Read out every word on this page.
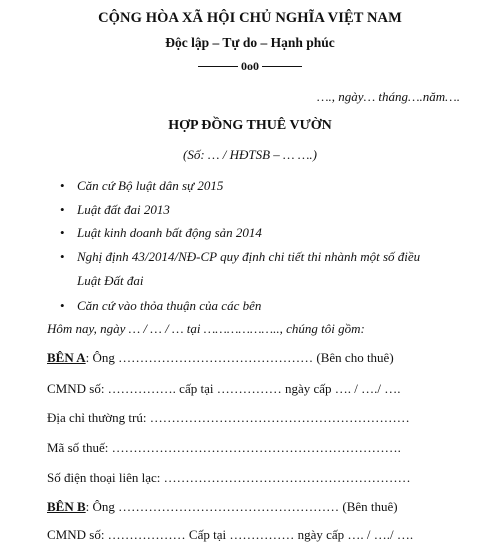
CỘNG HÒA XÃ HỘI CHỦ NGHĨA VIỆT NAM
Độc lập – Tự do – Hạnh phúc
0o0
…., ngày… tháng….năm….
HỢP ĐỒNG THUÊ VƯỜN
(Số: … / HĐTSB – … ….)
• Căn cứ Bộ luật dân sự 2015
• Luật đất đai 2013
• Luật kinh doanh bất động sản 2014
• Nghị định 43/2014/NĐ-CP quy định chi tiết thi nhành một số điều
Luật Đất đai
• Căn cứ vào thỏa thuận của các bên
Hôm nay, ngày … / … / … tại ……………….., chúng tôi gồm:
BÊN A: Ông ……………………………………… (Bên cho thuê)
CMND số: ……………. cấp tại …………… ngày cấp …. / …./ ….
Địa chỉ thường trú: ……………………………………………………
Mã số thuế: ………………………………………………………….
Số điện thoại liên lạc: …………………………………………………
BÊN B: Ông …………………………………………… (Bên thuê)
CMND số: ……………… Cấp tại …………… ngày cấp …. / …./ ….
